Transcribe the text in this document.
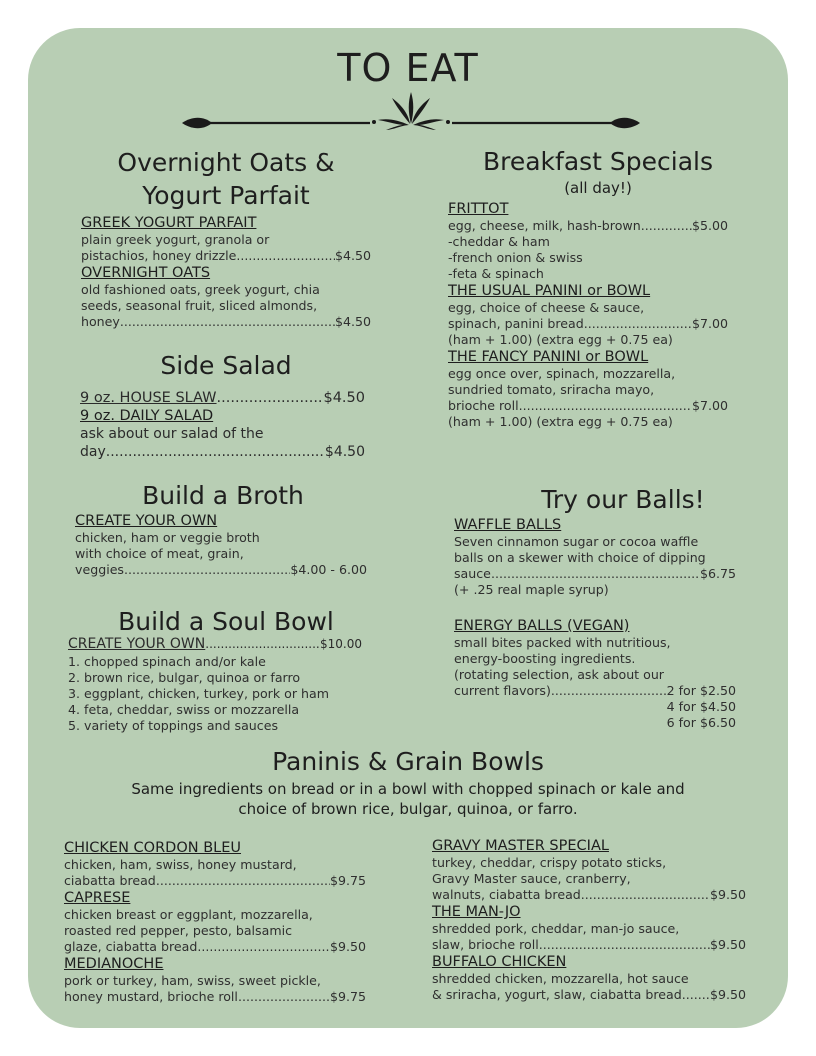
TO EAT
Overnight Oats &
Yogurt Parfait
GREEK YOGURT PARFAIT
plain greek yogurt, granola or
pistachios, honey drizzle .....	$4.50
OVERNIGHT OATS
old fashioned oats, greek yogurt, chia
seeds, seasonal fruit, sliced almonds,
honey .....	$4.50
Breakfast Specials
(all day!)
FRITTOT
egg, cheese, milk, hash-brown .....	$5.00
-cheddar & ham
-french onion & swiss
-feta & spinach
THE USUAL PANINI or BOWL
egg, choice of cheese & sauce,
spinach, panini bread .....	$7.00
(ham + 1.00) (extra egg + 0.75 ea)
THE FANCY PANINI or BOWL
egg once over, spinach, mozzarella,
sundried tomato, sriracha mayo,
brioche roll .....	$7.00
(ham + 1.00) (extra egg + 0.75 ea)
Side Salad
9 oz. HOUSE SLAW .....	$4.50
9 oz. DAILY SALAD
ask about our salad of the
day .....	$4.50
Build a Broth
CREATE YOUR OWN
chicken, ham or veggie broth
with choice of meat, grain,
veggies .....	$4.00 - 6.00
Try our Balls!
WAFFLE BALLS
Seven cinnamon sugar or cocoa waffle
balls on a skewer with choice of dipping
sauce .....	$6.75
(+ .25 real maple syrup)
ENERGY BALLS (VEGAN)
small bites packed with nutritious,
energy-boosting ingredients.
(rotating selection, ask about our
current flavors) .....	2 for $2.50
4 for $4.50
6 for $6.50
Build a Soul Bowl
CREATE YOUR OWN .....	$10.00
1. chopped spinach and/or kale
2. brown rice, bulgar, quinoa or farro
3. eggplant, chicken, turkey, pork or ham
4. feta, cheddar, swiss or mozzarella
5. variety of toppings and sauces
Paninis & Grain Bowls
Same ingredients on bread or in a bowl with chopped spinach or kale and
choice of brown rice, bulgar, quinoa, or farro.
CHICKEN CORDON BLEU
chicken, ham, swiss, honey mustard,
ciabatta bread .....	$9.75
CAPRESE
chicken breast or eggplant, mozzarella,
roasted red pepper, pesto, balsamic
glaze, ciabatta bread .....	$9.50
MEDIANOCHE
pork or turkey, ham, swiss, sweet pickle,
honey mustard, brioche roll .....	$9.75
GRAVY MASTER SPECIAL
turkey, cheddar, crispy potato sticks,
Gravy Master sauce, cranberry,
walnuts, ciabatta bread .....	$9.50
THE MAN-JO
shredded pork, cheddar, man-jo sauce,
slaw, brioche roll .....	$9.50
BUFFALO CHICKEN
shredded chicken, mozzarella, hot sauce
& sriracha, yogurt, slaw, ciabatta bread ..... $9.50
